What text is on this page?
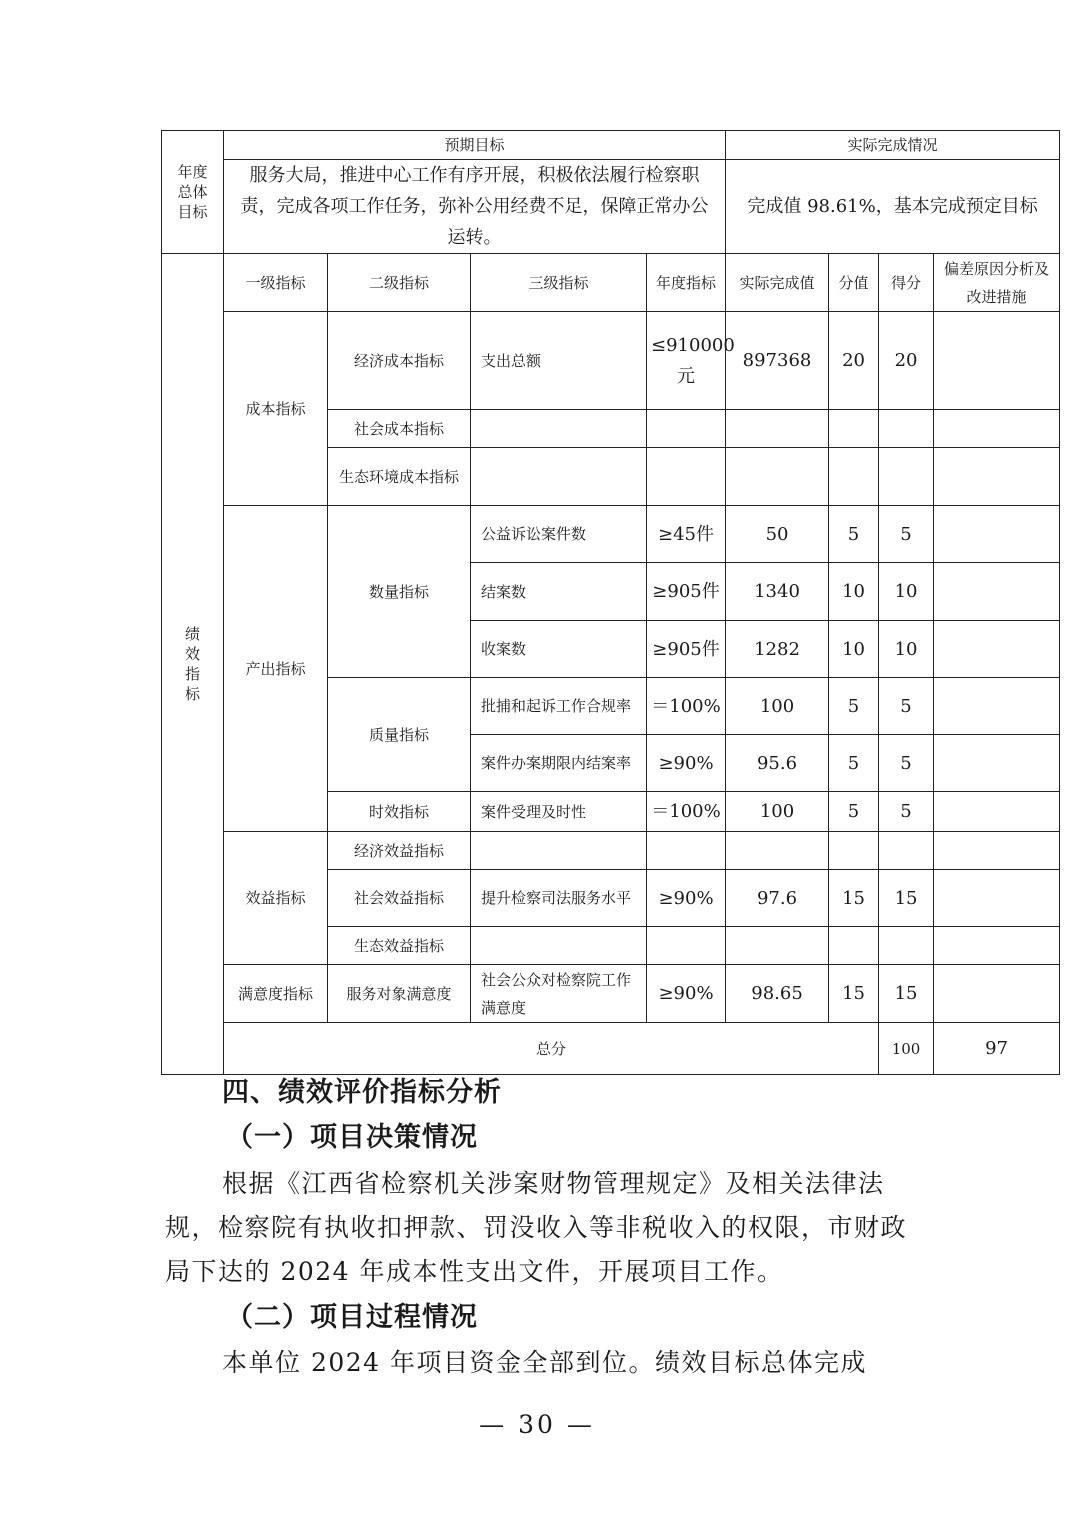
年度
总体
目标	预期目标				实际完成情况				
	服务大局，推进中心工作有序开展，积极依法履行检察职责，完成各项工作任务，弥补公用经费不足，保障正常办公运转。				完成值 98.61%，基本完成预定目标				

绩
效
指
标	一级指标	二级指标	三级指标	年度指标	实际完成值	分值	得分	偏差原因分析及改进措施	
	成本指标	经济成本指标	支出总额	≤910000元	897368	20	20		
		社会成本指标							
		生态环境成本指标							
	产出指标	数量指标	公益诉讼案件数	≥45件	50	5	5		
			结案数	≥905件	1340	10	10		
			收案数	≥905件	1282	10	10		
		质量指标	批捕和起诉工作合规率	＝100%	100	5	5		
			案件办案期限内结案率	≥90%	95.6	5	5		
		时效指标	案件受理及时性	＝100%	100	5	5		
	效益指标	经济效益指标							
		社会效益指标	提升检察司法服务水平	≥90%	97.6	15	15		
		生态效益指标							
	满意度指标	服务对象满意度	社会公众对检察院工作满意度	≥90%	98.65	15	15		
	总分						100	97	
四、绩效评价指标分析
（一）项目决策情况

根据《江西省检察机关涉案财物管理规定》及相关法律法规，检察院有执收扣押款、罚没收入等非税收入的权限，市财政局下达的 2024 年成本性支出文件，开展项目工作。

（二）项目过程情况

本单位 2024 年项目资金全部到位。绩效目标总体完成

— 30 —
